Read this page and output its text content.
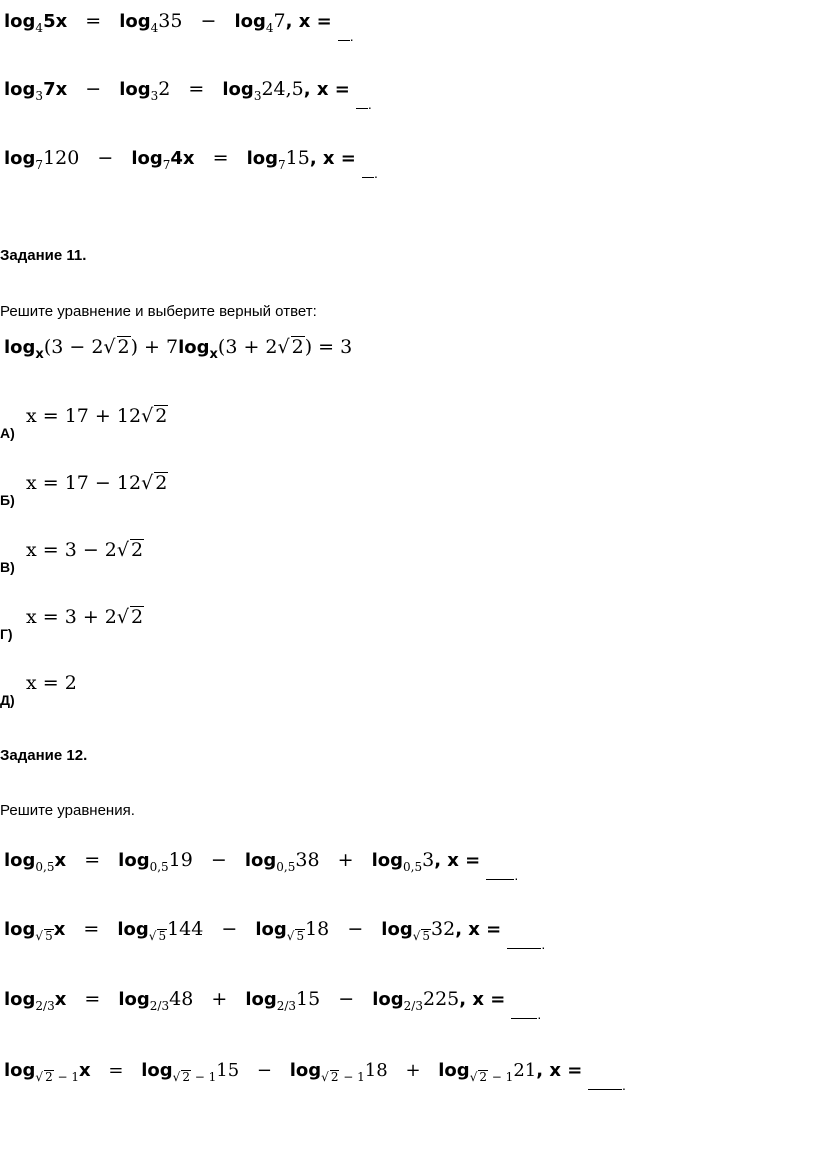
$\log_45x = \log_435 - \log_47$, x = $_.$
$\log_37x - \log_32 = \log_324,5$, x = $_.$
$\log_7120 - \log_74x = \log_715$, x = $_.$
Задание 11.
Решите уравнение и выберите верный ответ:
$\log_x(3 - 2√$ $2) + 7\log_x(3 + 2√$ 2) = 3
А)
x = 17 + 12√ 2
Б)
x = 17 − 12√ 2
В)
x = 3 − 2√ 2
Г)
x = 3 + 2√ 2
Д)
x = 2
Задание 12.
Решите уравнения.
$\log_{0,5}x = \log_{0,5}19 - \log_{0,5}38 + \log_{0,5}3$, x = $_.$
$\log_{√ 5}x = \log_{√ 5}144 - \log_{√ 5}18 - \log_{√ 5}32$, x = $_.$
$\log_{2/3}x = \log_{2/3}48 + \log_{2/3}15 - \log_{2/3}225$, x = $_.$
$\log_{√ 2 - 1}x = \log_{√ 2 - 1}15 - \log_{√ 2 - 1}18 + \log_{√ 2 - 1}21$, x = $_.$
